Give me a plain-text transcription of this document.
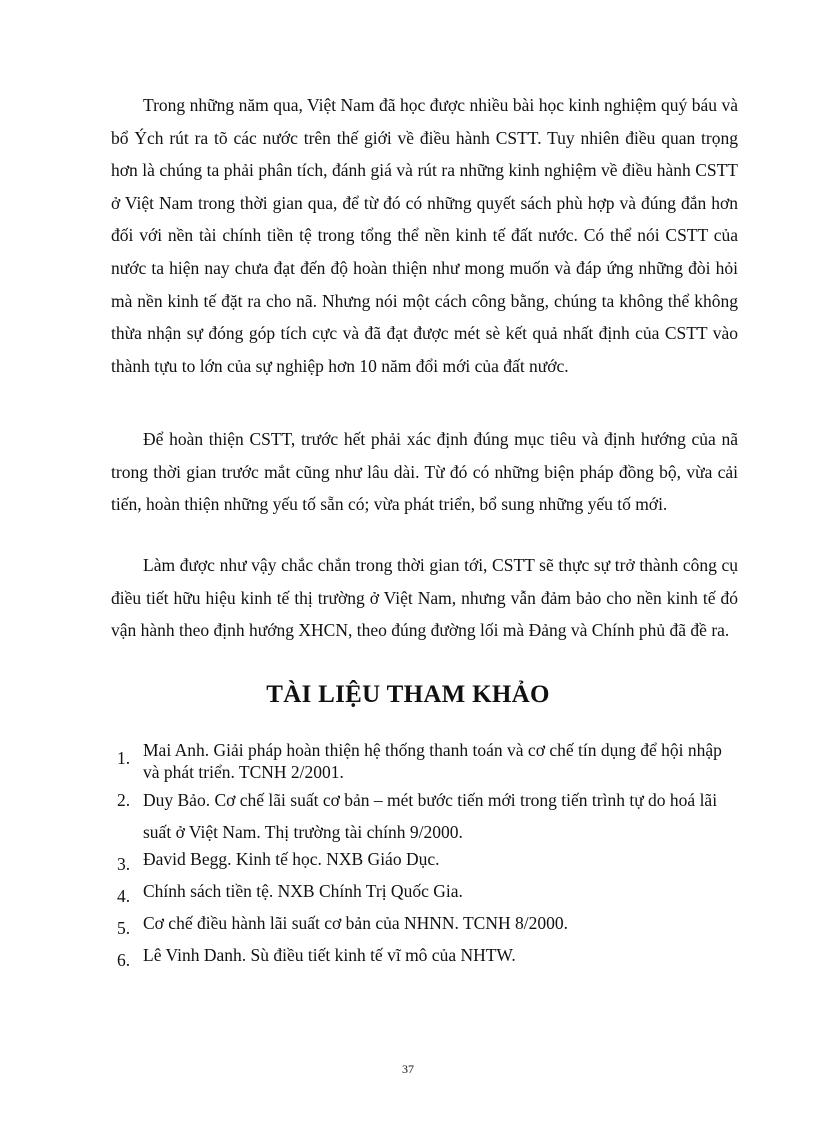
Trong những năm qua, Việt Nam đã học được nhiều bài học kinh nghiệm quý báu và bổ Ých rút ra tõ các nước trên thế giới về điều hành CSTT. Tuy nhiên điều quan trọng hơn là chúng ta phải phân tích, đánh giá và rút ra những kinh nghiệm về điều hành CSTT ở Việt Nam trong thời gian qua, để từ đó có những quyết sách phù hợp và đúng đắn hơn đối với nền tài chính tiền tệ trong tổng thể nền kinh tế đất nước. Có thể nói CSTT của nước ta hiện nay chưa đạt đến độ hoàn thiện như mong muốn và đáp ứng những đòi hỏi mà nền kinh tế đặt ra cho nã. Nhưng nói một cách công bằng, chúng ta không thể không thừa nhận sự đóng góp tích cực và đã đạt được mét sè kết quả nhất định của CSTT vào thành tựu to lớn của sự nghiệp hơn 10 năm đổi mới của đất nước.

Để hoàn thiện CSTT, trước hết phải xác định đúng mục tiêu và định hướng của nã trong thời gian trước mắt cũng như lâu dài. Từ đó có những biện pháp đồng bộ, vừa cải tiến, hoàn thiện những yếu tố sẵn có; vừa phát triển, bổ sung những yếu tố mới.

Làm được như vậy chắc chắn trong thời gian tới, CSTT sẽ thực sự trở thành công cụ điều tiết hữu hiệu kinh tế thị trường ở Việt Nam, nhưng vẫn đảm bảo cho nền kinh tế đó vận hành theo định hướng XHCN, theo đúng đường lối mà Đảng và Chính phủ đã đề ra.

TÀI LIỆU THAM KHẢO
1. Mai Anh. Giải pháp hoàn thiện hệ thống thanh toán và cơ chế tín dụng để hội nhập và phát triển. TCNH 2/2001.
2. Duy Bảo. Cơ chế lãi suất cơ bản – mét bước tiến mới trong tiến trình tự do hoá lãi suất ở Việt Nam. Thị trường tài chính 9/2000.
3. Đavid Begg. Kinh tế học. NXB Giáo Dục.
4. Chính sách tiền tệ. NXB Chính Trị Quốc Gia.
5. Cơ chế điều hành lãi suất cơ bản của NHNN. TCNH 8/2000.
6. Lê Vinh Danh. Sù điều tiết kinh tế vĩ mô của NHTW.
37
